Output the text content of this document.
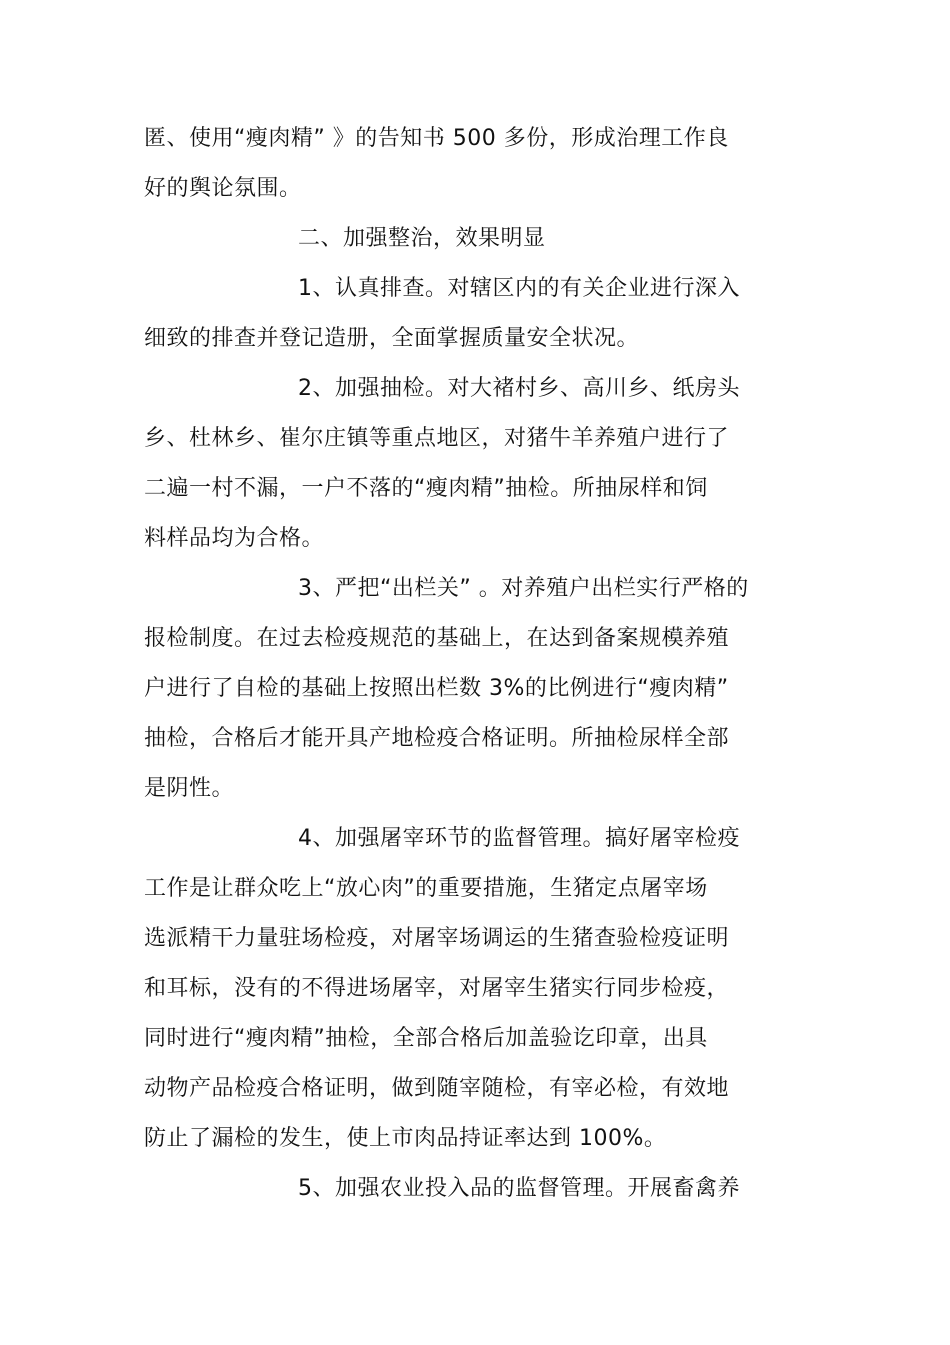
匿、使用“瘦肉精” 》的告知书 500 多份，形成治理工作良
好的舆论氛围。
二、加强整治，效果明显
1、认真排查。对辖区内的有关企业进行深入
细致的排查并登记造册，全面掌握质量安全状况。
2、加强抽检。对大褚村乡、高川乡、纸房头
乡、杜林乡、崔尔庄镇等重点地区，对猪牛羊养殖户进行了
二遍一村不漏，一户不落的“瘦肉精”抽检。所抽尿样和饲
料样品均为合格。
3、严把“出栏关” 。对养殖户出栏实行严格的
报检制度。在过去检疫规范的基础上，在达到备案规模养殖
户进行了自检的基础上按照出栏数 3%的比例进行“瘦肉精”
抽检，合格后才能开具产地检疫合格证明。所抽检尿样全部
是阴性。
4、加强屠宰环节的监督管理。搞好屠宰检疫
工作是让群众吃上“放心肉”的重要措施，生猪定点屠宰场
选派精干力量驻场检疫，对屠宰场调运的生猪查验检疫证明
和耳标，没有的不得进场屠宰，对屠宰生猪实行同步检疫，
同时进行“瘦肉精”抽检，全部合格后加盖验讫印章，出具
动物产品检疫合格证明，做到随宰随检，有宰必检，有效地
防止了漏检的发生，使上市肉品持证率达到 100%。
5、加强农业投入品的监督管理。开展畜禽养
